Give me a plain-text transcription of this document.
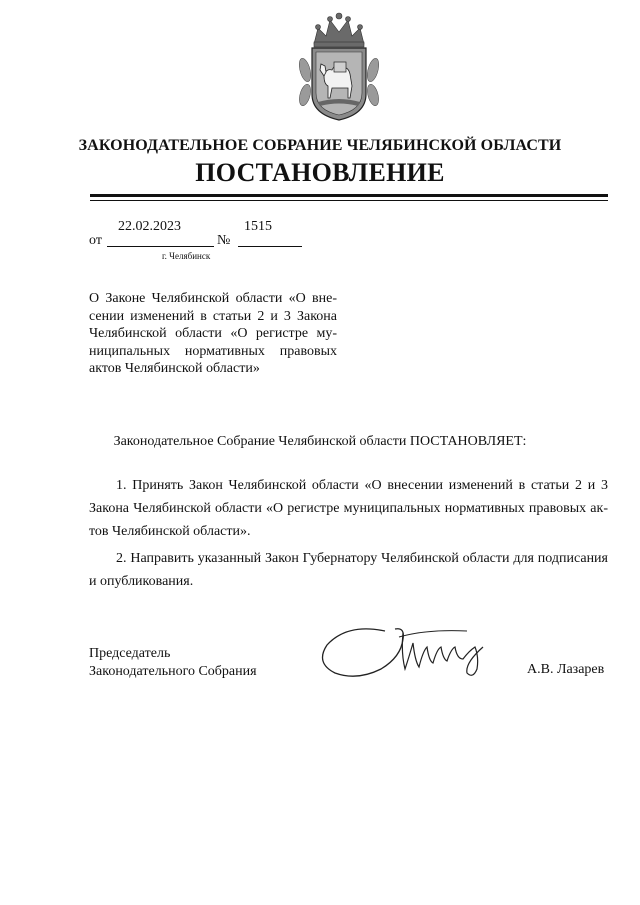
ЗАКОНОДАТЕЛЬНОЕ СОБРАНИЕ ЧЕЛЯБИНСКОЙ ОБЛАСТИ
ПОСТАНОВЛЕНИЕ
22.02.2023	1515
от	№
г. Челябинск
О Законе Челябинской области «О внесении изменений в статьи 2 и 3 Закона Челябинской области «О регистре муниципальных нормативных правовых актов Челябинской области»
Законодательное Собрание Челябинской области ПОСТАНОВЛЯЕТ:
1. Принять Закон Челябинской области «О внесении изменений в статьи 2 и 3 Закона Челябинской области «О регистре муниципальных нормативных правовых актов Челябинской области».
2. Направить указанный Закон Губернатору Челябинской области для подписания и опубликования.
Председатель
Законодательного Собрания	А.В. Лазарев
